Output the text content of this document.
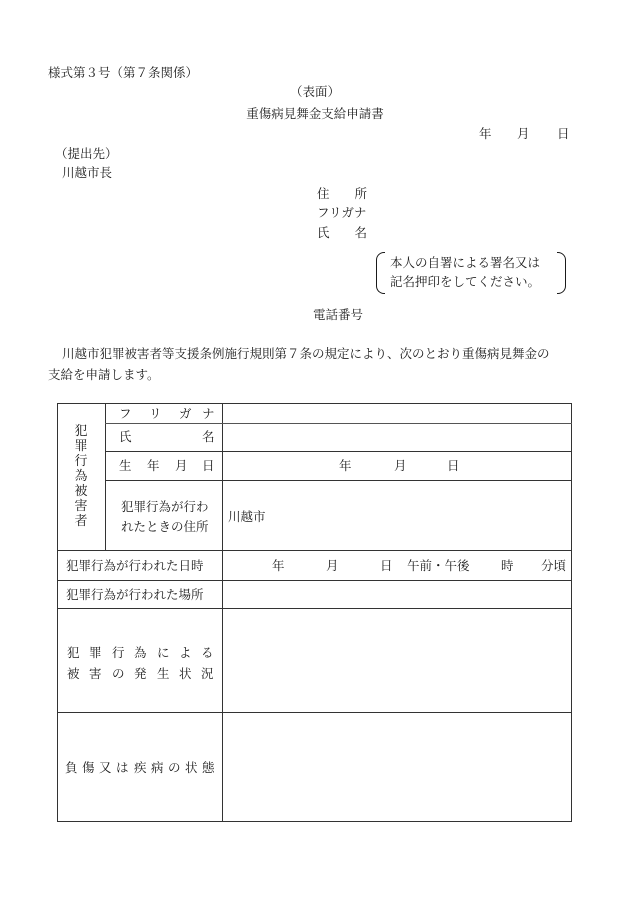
様式第３号（第７条関係）
（表面）
重傷病見舞金支給申請書
年 月 日
（提出先）
川越市長
住　　所
フリガナ
氏　　名
本人の自署による署名又は
記名押印をしてください。
電話番号
川越市犯罪被害者等支援条例施行規則第７条の規定により、次のとおり重傷病見舞金の
支給を申請します。
犯
罪
行
為
被
害
者
フ リ ガ ナ
氏	名
生 年 月 日	年	月	日
犯罪行為が行わ
れたときの住所
川越市
犯罪行為が行われた日時	年	月	日 午前・午後	時 分頃
犯罪行為が行われた場所
犯 罪 行 為 に よ る
被 害 の 発 生 状 況
負 傷 又 は 疾 病 の 状 態
